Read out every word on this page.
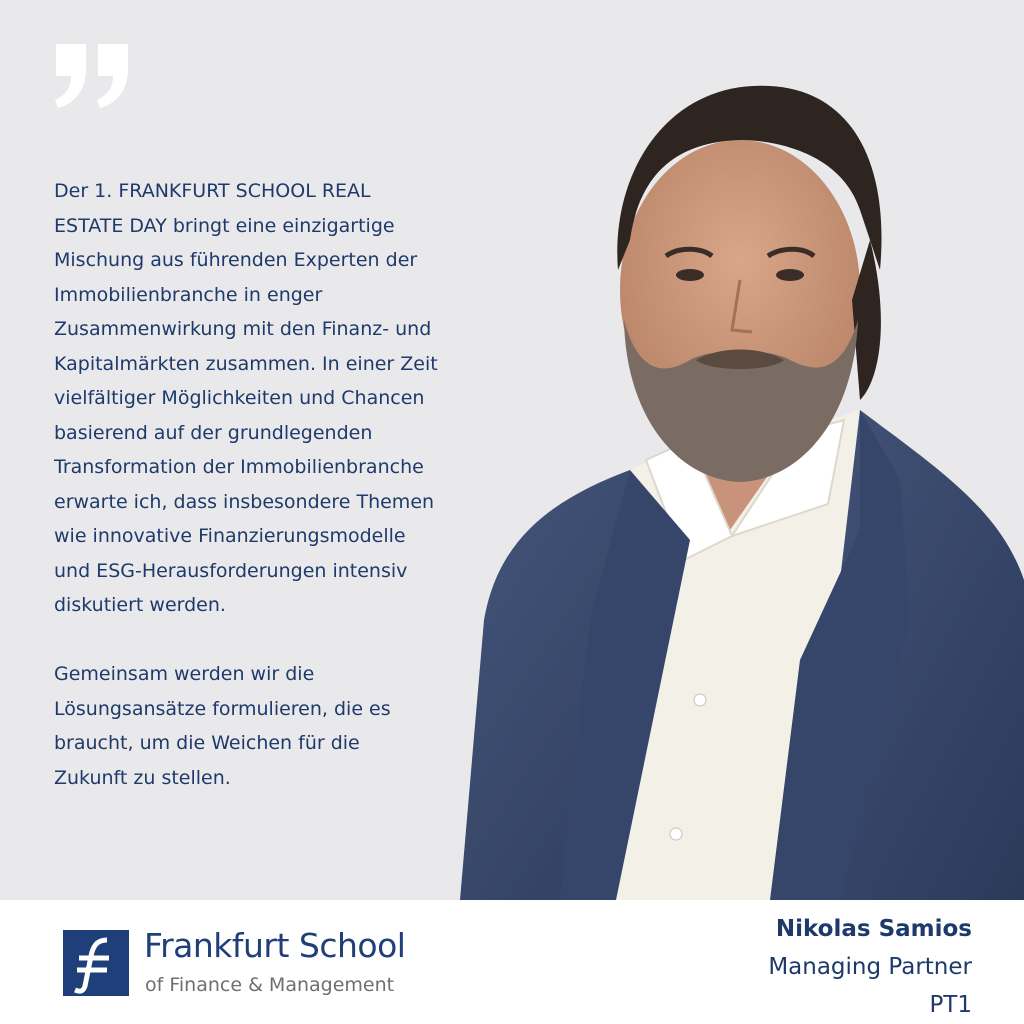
Der 1. FRANKFURT SCHOOL REAL
ESTATE DAY bringt eine einzigartige
Mischung aus führenden Experten der
Immobilienbranche in enger
Zusammenwirkung mit den Finanz- und
Kapitalmärkten zusammen. In einer Zeit
vielfältiger Möglichkeiten und Chancen
basierend auf der grundlegenden
Transformation der Immobilienbranche
erwarte ich, dass insbesondere Themen
wie innovative Finanzierungsmodelle
und ESG-Herausforderungen intensiv
diskutiert werden.

Gemeinsam werden wir die
Lösungsansätze formulieren, die es
braucht, um die Weichen für die
Zukunft zu stellen.

Frankfurt School
of Finance & Management
Nikolas Samios
Managing Partner
PT1
